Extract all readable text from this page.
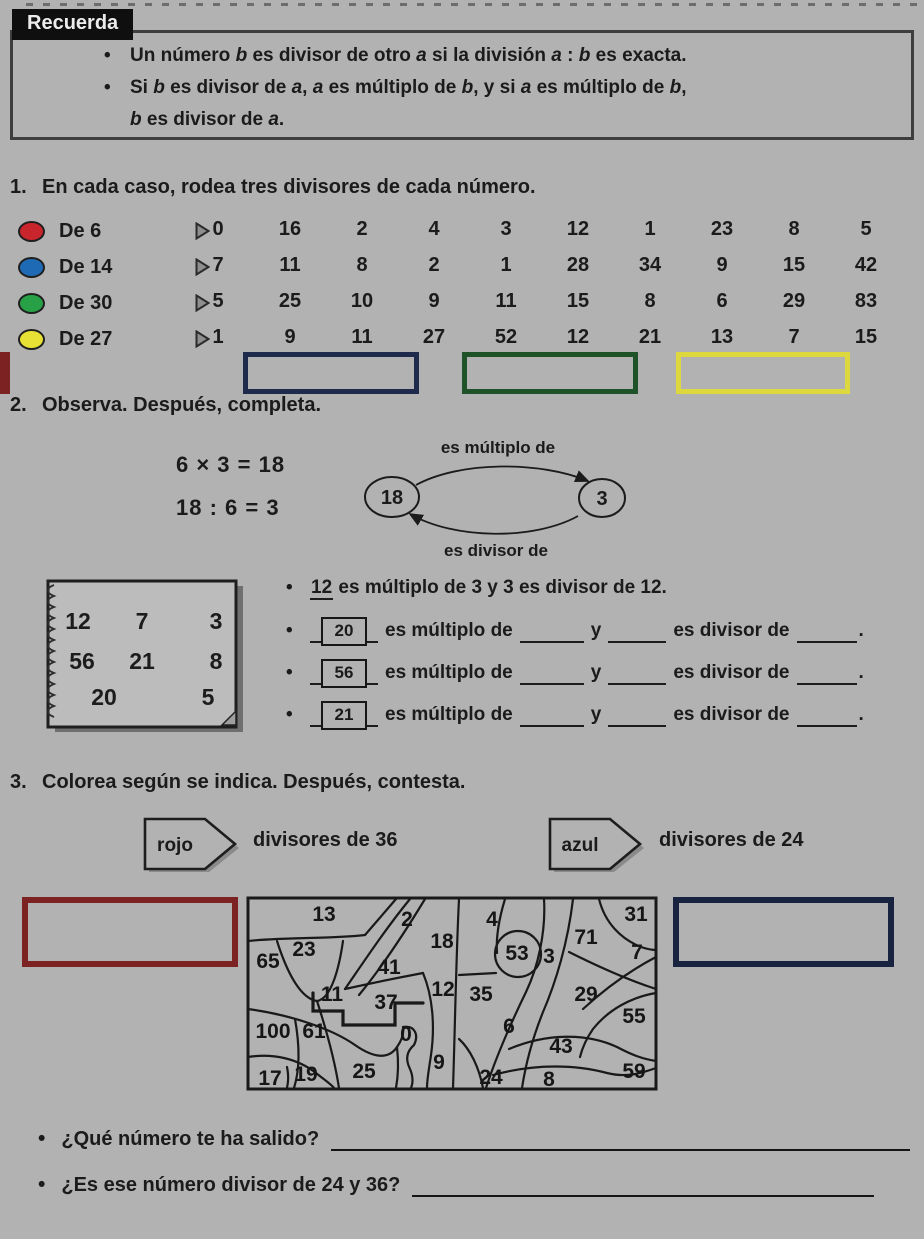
Recuerda
•	Un número b es divisor de otro a si la división a : b es exacta.
•	Si b es divisor de a, a es múltiplo de b, y si a es múltiplo de b,
b es divisor de a.
1. En cada caso, rodea tres divisores de cada número.
De 6	0	16	2	4	3	12	1	23	8	5
De 14	7	11	8	2	1	28	34	9	15	42
De 30	5	25	10	9	11	15	8	6	29	83
De 27	1	9	11	27	52	12	21	13	7	15
2. Observa. Después, completa.
6 × 3 = 18
18 : 6 = 3	18	3
es múltiplo de
es divisor de
12 7	3
56 21 8
20	5
• 12 es múltiplo de 3 y 3 es divisor de 12.
•	20	es múltiplo de	y	es divisor de	.
•	56	es múltiplo de	y	es divisor de	.
•	21	es múltiplo de	y	es divisor de	.
3. Colorea según se indica. Después, contesta.
rojo	divisores de 36	azul	divisores de 24
13	2	4	31
65
23	18
53 3
71
7
41
11 37
12 35	29
55
100 61	0	6
43
17 19 25	9
24 8	59
• ¿Qué número te ha salido?
• ¿Es ese número divisor de 24 y 36?
